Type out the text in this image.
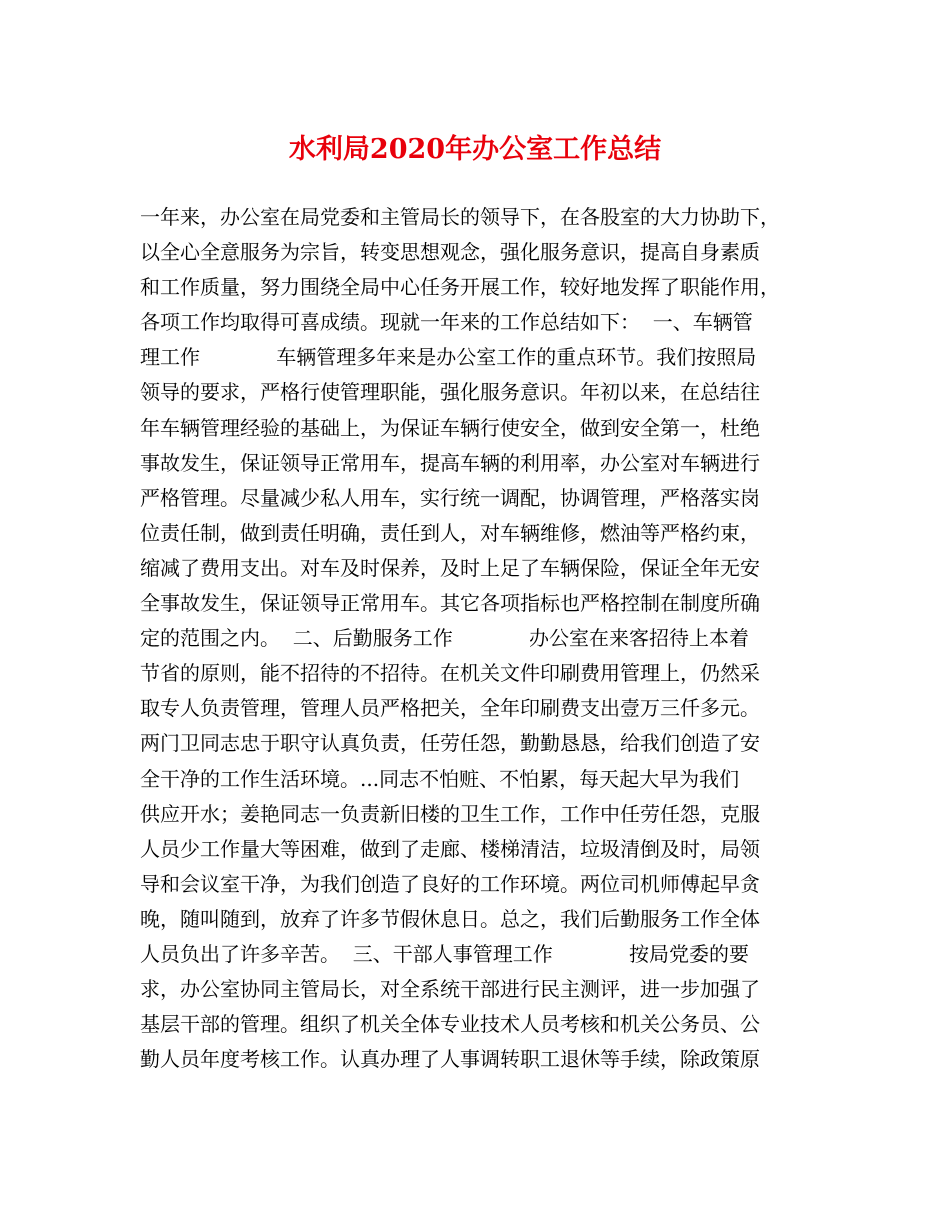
水利局2020年办公室工作总结
一年来，办公室在局党委和主管局长的领导下，在各股室的大力协助下，
以全心全意服务为宗旨，转变思想观念，强化服务意识，提高自身素质
和工作质量，努力围绕全局中心任务开展工作，较好地发挥了职能作用，
各项工作均取得可喜成绩。现就一年来的工作总结如下：  一、车辆管
理工作            车辆管理多年来是办公室工作的重点环节。我们按照局
领导的要求，严格行使管理职能，强化服务意识。年初以来，在总结往
年车辆管理经验的基础上，为保证车辆行使安全，做到安全第一，杜绝
事故发生，保证领导正常用车，提高车辆的利用率，办公室对车辆进行
严格管理。尽量减少私人用车，实行统一调配，协调管理，严格落实岗
位责任制，做到责任明确，责任到人，对车辆维修，燃油等严格约束，
缩减了费用支出。对车及时保养，及时上足了车辆保险，保证全年无安
全事故发生，保证领导正常用车。其它各项指标也严格控制在制度所确
定的范围之内。  二、后勤服务工作            办公室在来客招待上本着
节省的原则，能不招待的不招待。在机关文件印刷费用管理上，仍然采
取专人负责管理，管理人员严格把关，全年印刷费支出壹万三仟多元。
两门卫同志忠于职守认真负责，任劳任怨，勤勤恳恳，给我们创造了安
全干净的工作生活环境。...同志不怕赃、不怕累，每天起大早为我们
供应开水；姜艳同志一负责新旧楼的卫生工作，工作中任劳任怨，克服
人员少工作量大等困难，做到了走廊、楼梯清洁，垃圾清倒及时，局领
导和会议室干净，为我们创造了良好的工作环境。两位司机师傅起早贪
晚，随叫随到，放弃了许多节假休息日。总之，我们后勤服务工作全体
人员负出了许多辛苦。  三、干部人事管理工作            按局党委的要
求，办公室协同主管局长，对全系统干部进行民主测评，进一步加强了
基层干部的管理。组织了机关全体专业技术人员考核和机关公务员、公
勤人员年度考核工作。认真办理了人事调转职工退休等手续，除政策原
